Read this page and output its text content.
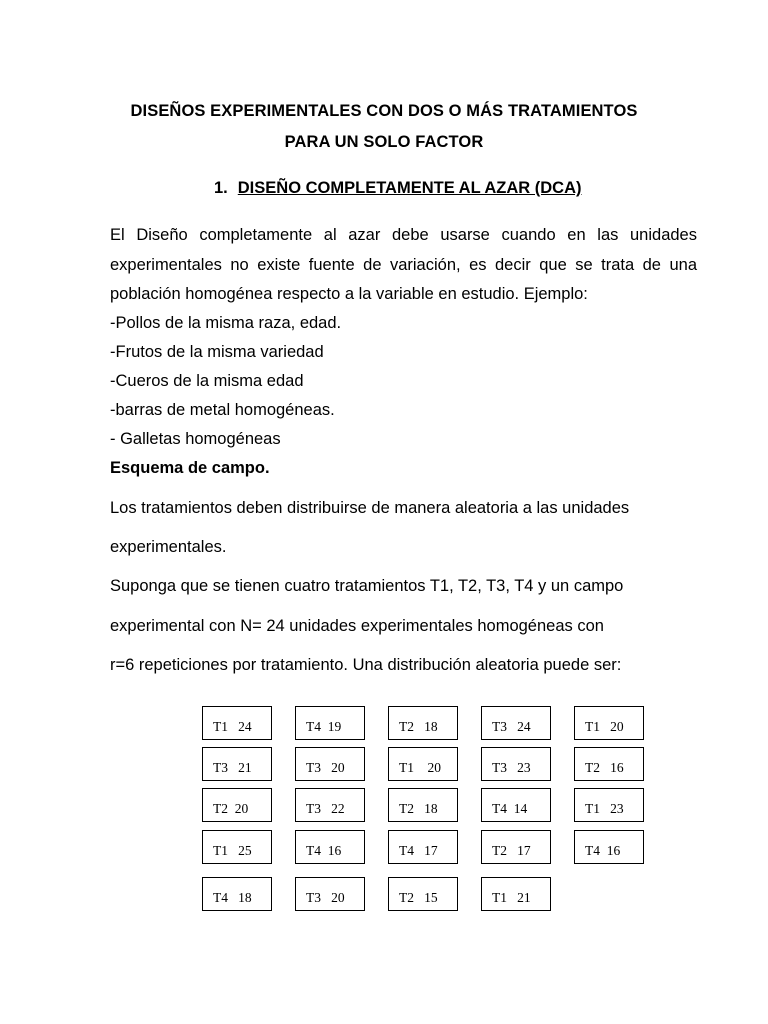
DISEÑOS EXPERIMENTALES CON DOS O MÁS TRATAMIENTOS
PARA UN SOLO FACTOR
1. DISEÑO COMPLETAMENTE AL AZAR (DCA)
El Diseño completamente al azar debe usarse cuando en las unidades experimentales no existe fuente de variación, es decir que se trata de una población homogénea respecto a la variable en estudio. Ejemplo:
-Pollos de la misma raza, edad.
-Frutos de la misma variedad
-Cueros de la misma edad
-barras de metal homogéneas.
- Galletas homogéneas
Esquema de campo.
Los tratamientos deben distribuirse de manera aleatoria a las unidades
experimentales.
Suponga que se tienen cuatro tratamientos T1, T2, T3, T4 y un campo
experimental con N= 24 unidades experimentales homogéneas con
r=6 repeticiones por tratamiento. Una distribución aleatoria puede ser:
T1   24	T4  19	T2   18	T3   24	T1   20
T3   21	T3   20	T1    20	T3   23	T2   16
T2  20	T3   22	T2   18	T4  14	T1   23
T1   25	T4  16	T4   17	T2   17	T4  16
T4   18	T3   20	T2   15	T1   21
